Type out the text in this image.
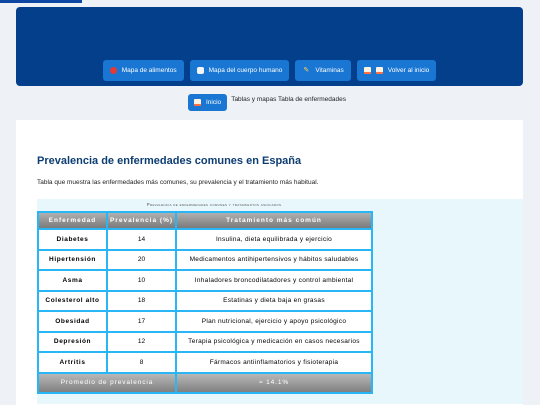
Mapa de alimentos	Mapa del cuerpo humano	✎ Vitaminas	Volver al inicio
Inicio Tablas y mapas Tabla de enfermedades
Prevalencia de enfermedades comunes en España
Tabla que muestra las enfermedades más comunes, su prevalencia y el tratamiento más habitual.
Prevalencia de enfermedades comunes y tratamientos asociados
Enfermedad	Prevalencia (%)	Tratamiento más común
Diabetes	14	Insulina, dieta equilibrada y ejercicio
Hipertensión	20	Medicamentos antihipertensivos y hábitos saludables
Asma	10	Inhaladores broncodilatadores y control ambiental
Colesterol alto	18	Estatinas y dieta baja en grasas
Obesidad	17	Plan nutricional, ejercicio y apoyo psicológico
Depresión	12	Terapia psicológica y medicación en casos necesarios
Artritis	8	Fármacos antiinflamatorios y fisioterapia
Promedio de prevalencia		≈ 14.1%
